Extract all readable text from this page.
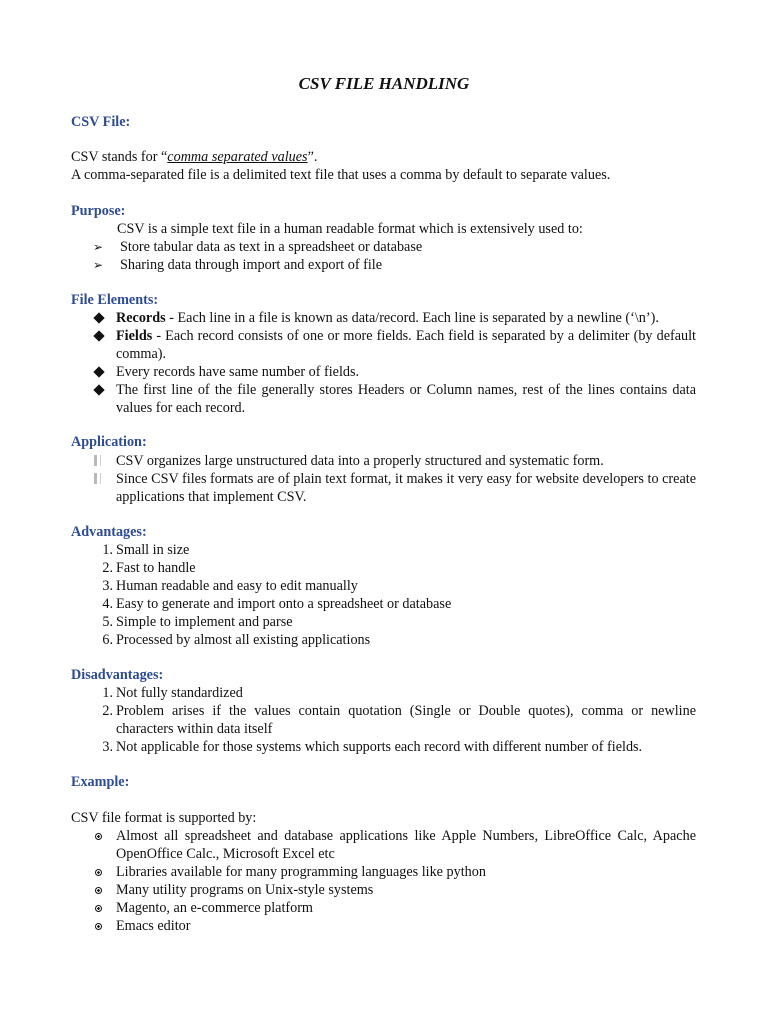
CSV FILE HANDLING
CSV File:
CSV stands for “comma separated values”.
A comma-separated file is a delimited text file that uses a comma by default to separate values.
Purpose:
CSV is a simple text file in a human readable format which is extensively used to:
➢	Store tabular data as text in a spreadsheet or database
➢	Sharing data through import and export of file
File Elements:
Records - Each line in a file is known as data/record. Each line is separated by a newline (‘\n’).
Fields - Each record consists of one or more fields. Each field is separated by a delimiter (by default comma).
Every records have same number of fields.
The first line of the file generally stores Headers or Column names, rest of the lines contains data values for each record.
Application:
CSV organizes large unstructured data into a properly structured and systematic form.
Since CSV files formats are of plain text format, it makes it very easy for website developers to create applications that implement CSV.
Advantages:
1. Small in size
2. Fast to handle
3. Human readable and easy to edit manually
4. Easy to generate and import onto a spreadsheet or database
5. Simple to implement and parse
6. Processed by almost all existing applications
Disadvantages:
1. Not fully standardized
2. Problem arises if the values contain quotation (Single or Double quotes), comma or newline characters within data itself
3. Not applicable for those systems which supports each record with different number of fields.
Example:
CSV file format is supported by:
Almost all spreadsheet and database applications like Apple Numbers, LibreOffice Calc, Apache OpenOffice Calc., Microsoft Excel etc
Libraries available for many programming languages like python
Many utility programs on Unix-style systems
Magento, an e-commerce platform
Emacs editor
